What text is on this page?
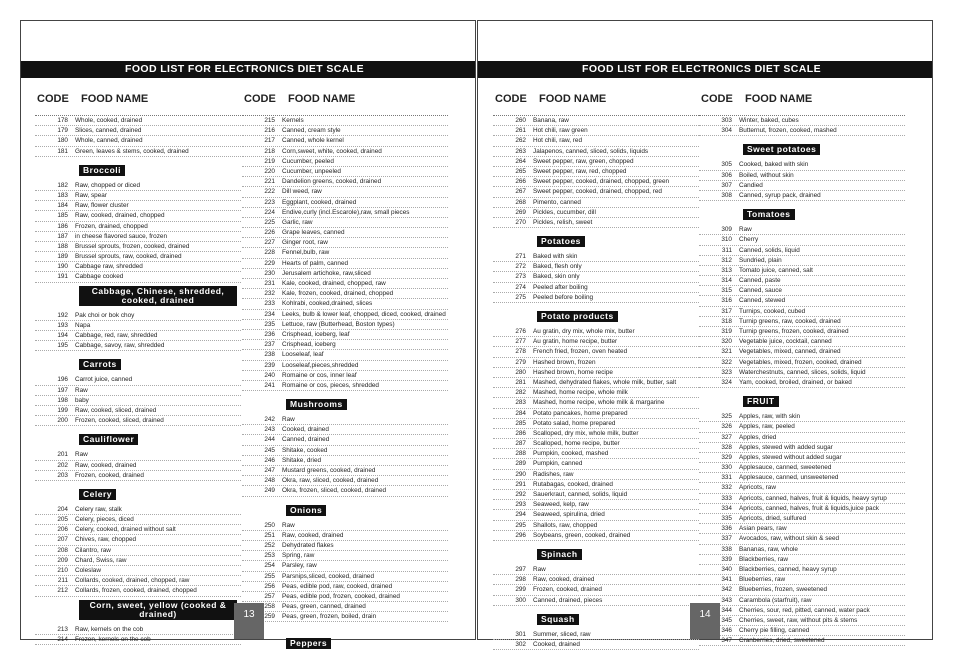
FOOD LIST FOR ELECTRONICS DIET SCALE
CODE FOOD NAME
178 Whole, cooked, drained
179 Slices, canned, drained
180 Whole, canned, drained
181 Green, leaves & stems, cooked, drained
Broccoli
182 Raw, chopped or diced
183 Raw, spear
184 Raw, flower cluster
185 Raw, cooked, drained, chopped
186 Frozen, drained, chopped
187 in cheese flavored sauce, frozen
188 Brussel sprouts, frozen, cooked, drained
189 Brussel sprouts, raw, cooked, drained
190 Cabbage raw, shredded
191 Cabbage cooked
Cabbage, Chinese, shredded, cooked, drained
192 Pak choi or bok choy
193 Napa
194 Cabbage, red, raw, shredded
195 Cabbage, savoy, raw, shredded
Carrots
196 Carrot juice, canned
197 Raw
198 baby
199 Raw, cooked, sliced, drained
200 Frozen, cooked, sliced, drained
Cauliflower
201 Raw
202 Raw, cooked, drained
203 Frozen, cooked, drained
Celery
204 Celery raw, stalk
205 Celery, pieces, diced
206 Celery, cooked, drained without salt
207 Chives, raw, chopped
208 Cilantro, raw
209 Chard, Swiss, raw
210 Coleslaw
211 Collards, cooked, drained, chopped, raw
212 Collards, frozen, cooked, drained, chopped
Corn, sweet, yellow (cooked & drained)
213 Raw, kernels on the cob
214 Frozen, kernels on the cob
CODE FOOD NAME
215 Kernels
216 Canned, cream style
217 Canned, whole kernel
218 Corn,sweet, white, cooked, drained
219 Cucumber, peeled
220 Cucumber, unpeeled
221 Dandelion greens, cooked, drained
222 Dill weed, raw
223 Eggplant, cooked, drained
224 Endive,curly (incl.Escarole),raw, small pieces
225 Garlic, raw
226 Grape leaves, canned
227 Ginger root, raw
228 Fennel,bulb, raw
229 Hearts of palm, canned
230 Jerusalem artichoke, raw,sliced
231 Kale, cooked, drained, chopped, raw
232 Kale, frozen, cooked, drained, chopped
233 Kohlrabi, cooked,drained, slices
234 Leeks, bulb & lower leaf, chopped, diced, cooked, drained
235 Lettuce, raw (Butterhead, Boston types)
236 Crisphead, iceberg, leaf
237 Crisphead, iceberg
238 Looseleaf, leaf
239 Looseleaf,pieces,shredded
240 Romaine or cos, inner leaf
241 Romaine or cos, pieces, shredded
Mushrooms
242 Raw
243 Cooked, drained
244 Canned, drained
245 Shitake, cooked
246 Shitake, dried
247 Mustard greens, cooked, drained
248 Okra, raw, sliced, cooked, drained
249 Okra, frozen, sliced, cooked, drained
Onions
250 Raw
251 Raw, cooked, drained
252 Dehydrated flakes
253 Spring, raw
254 Parsley, raw
255 Parsnips,sliced, cooked, drained
256 Peas, edible pod, raw, cooked, drained
257 Peas, edible pod, frozen, cooked, drained
258 Peas, green, canned, drained
259 Peas, green, frozen, boiled, drain
Peppers
13
FOOD LIST FOR ELECTRONICS DIET SCALE
CODE FOOD NAME
260 Banana, raw
261 Hot chili, raw green
262 Hot chili, raw, red
263 Jalapenos, canned, sliced, solids, liquids
264 Sweet pepper, raw, green, chopped
265 Sweet pepper, raw, red, chopped
266 Sweet pepper, cooked, drained, chopped, green
267 Sweet pepper, cooked, drained, chopped, red
268 Pimento, canned
269 Pickles, cucumber, dill
270 Pickles, relish, sweet
Potatoes
271 Baked with skin
272 Baked, flesh only
273 Baked, skin only
274 Peeled after boiling
275 Peeled before boiling
Potato products
276 Au gratin, dry mix, whole mix, butter
277 Au gratin, home recipe, butter
278 French fried, frozen, oven heated
279 Hashed brown, frozen
280 Hashed brown, home recipe
281 Mashed, dehydrated flakes, whole milk, butter, salt
282 Mashed, home recipe, whole milk
283 Mashed, home recipe, whole milk & margarine
284 Potato pancakes, home prepared
285 Potato salad, home prepared
286 Scalloped, dry mix, whole milk, butter
287 Scalloped, home recipe, butter
288 Pumpkin, cooked, mashed
289 Pumpkin, canned
290 Radishes, raw
291 Rutabagas, cooked, drained
292 Sauerkraut, canned, solids, liquid
293 Seaweed, kelp, raw
294 Seaweed, spirulina, dried
295 Shallots, raw, chopped
296 Soybeans, green, cooked, drained
Spinach
297 Raw
298 Raw, cooked, drained
299 Frozen, cooked, drained
300 Canned, drained, pieces
Squash
301 Summer, sliced, raw
302 Cooked, drained
CODE FOOD NAME
303 Winter, baked, cubes
304 Butternut, frozen, cooked, mashed
Sweet potatoes
305 Cooked, baked with skin
306 Boiled, without skin
307 Candied
308 Canned, syrup pack, drained
Tomatoes
309 Raw
310 Cherry
311 Canned, solids, liquid
312 Sundried, plain
313 Tomato juice, canned, salt
314 Canned, paste
315 Canned, sauce
316 Canned, stewed
317 Turnips, cooked, cubed
318 Turnip greens, raw, cooked, drained
319 Turnip greens, frozen, cooked, drained
320 Vegetable juice, cocktail, canned
321 Vegetables, mixed, canned, drained
322 Vegetables, mixed, frozen, cooked, drained
323 Waterchestnuts, canned, slices, solids, liquid
324 Yam, cooked, broiled, drained, or baked
FRUIT
325 Apples, raw, with skin
326 Apples, raw, peeled
327 Apples, dried
328 Apples, stewed with added sugar
329 Apples, stewed without added sugar
330 Applesauce, canned, sweetened
331 Applesauce, canned, unsweetened
332 Apricots, raw
333 Apricots, canned, halves, fruit & liquids, heavy syrup
334 Apricots, canned, halves, fruit & liquids,juice pack
335 Apricots, dried, sulfured
336 Asian pears, raw
337 Avocados, raw, without skin & seed
338 Bananas, raw, whole
339 Blackberries, raw
340 Blackberries, canned, heavy syrup
341 Blueberries, raw
342 Blueberries, frozen, sweetened
343 Carambola (starfruit), raw
344 Cherries, sour, red, pitted, canned, water pack
345 Cherries, sweet, raw, without pits & stems
346 Cherry pie filling, canned
347 Cranberries, dried, sweetened
14
